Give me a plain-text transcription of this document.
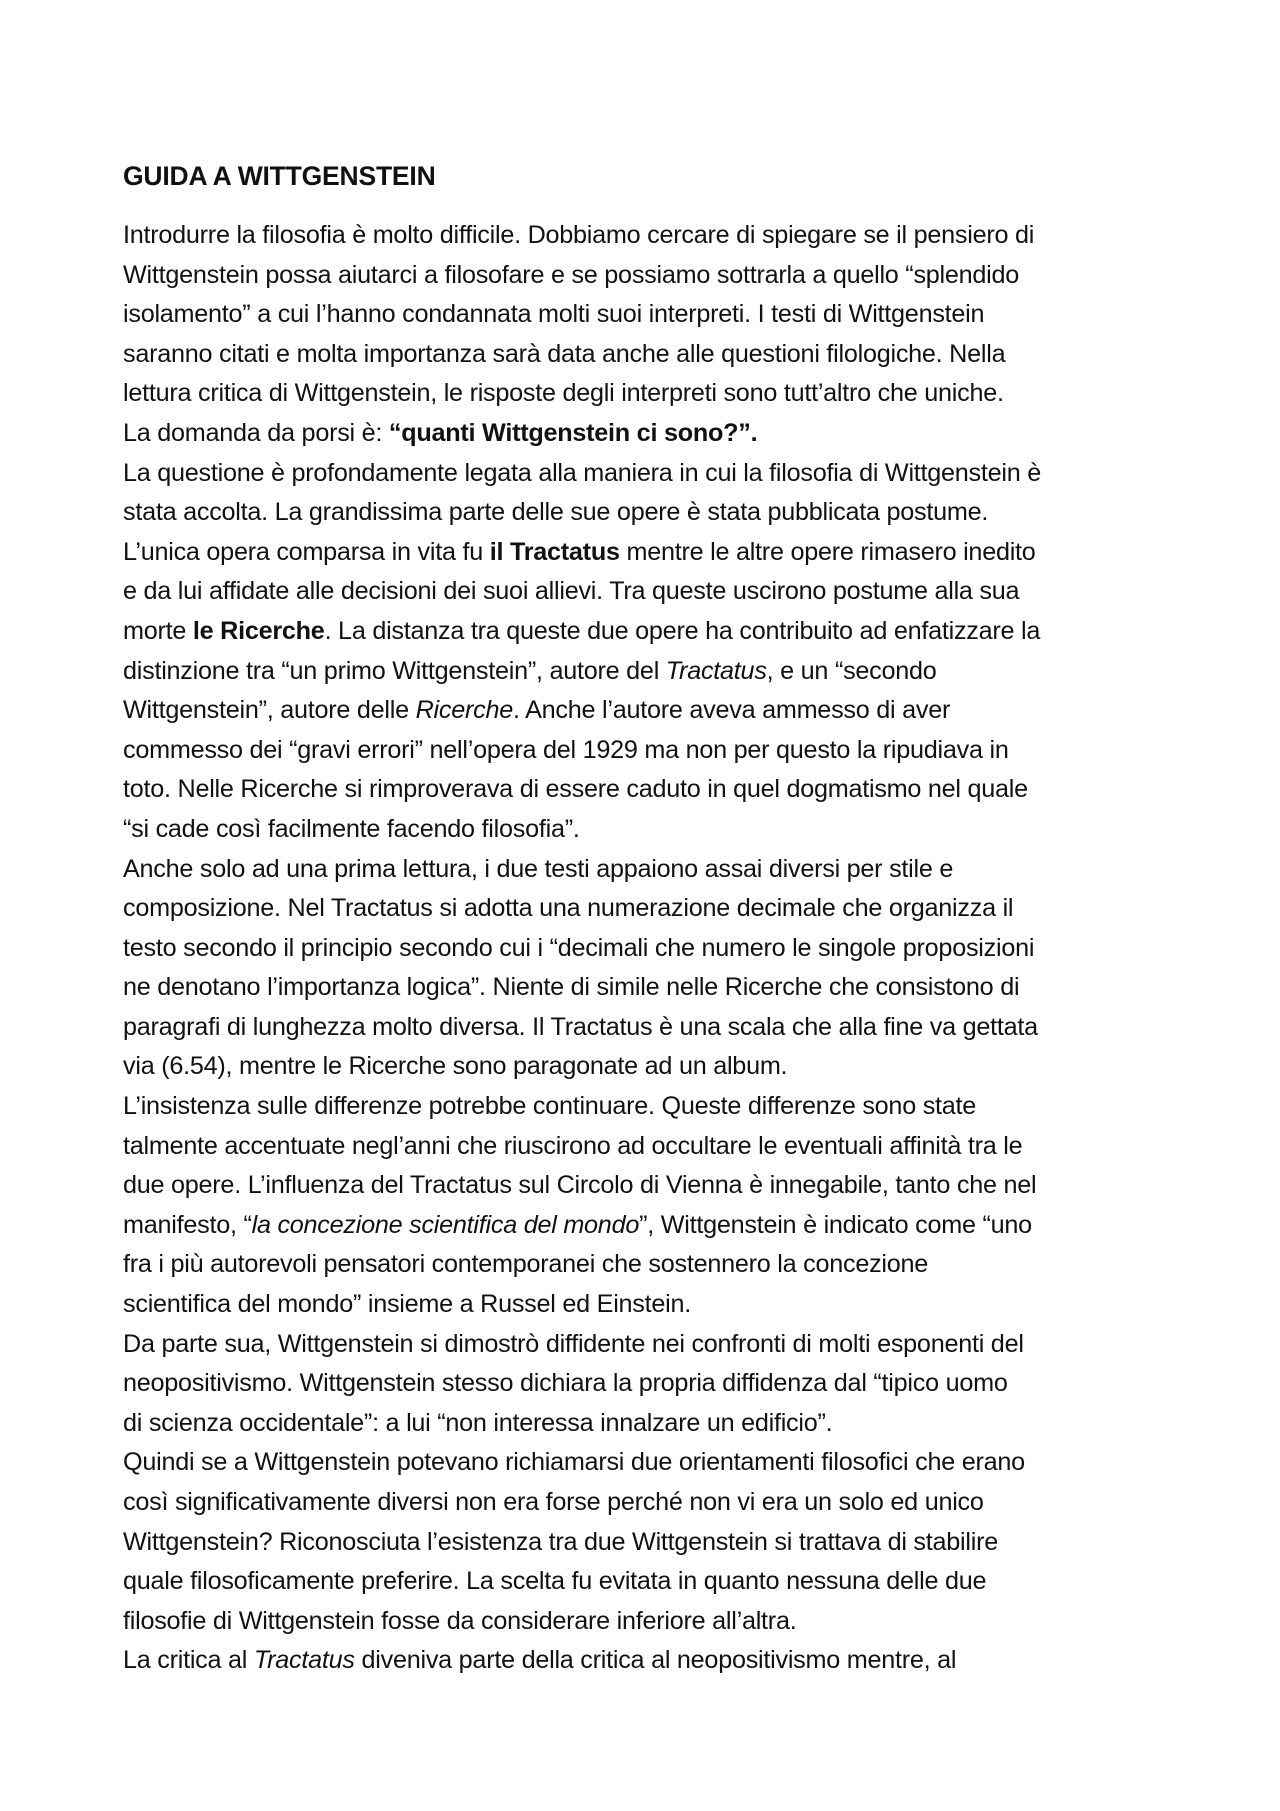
GUIDA A WITTGENSTEIN
Introdurre la filosofia è molto difficile. Dobbiamo cercare di spiegare se il pensiero di
Wittgenstein possa aiutarci a filosofare e se possiamo sottrarla a quello “splendido
isolamento” a cui l’hanno condannata molti suoi interpreti. I testi di Wittgenstein
saranno citati e molta importanza sarà data anche alle questioni filologiche. Nella
lettura critica di Wittgenstein, le risposte degli interpreti sono tutt’altro che uniche.
La domanda da porsi è: “quanti Wittgenstein ci sono?”.
La questione è profondamente legata alla maniera in cui la filosofia di Wittgenstein è
stata accolta. La grandissima parte delle sue opere è stata pubblicata postume.
L’unica opera comparsa in vita fu il Tractatus mentre le altre opere rimasero inedito
e da lui affidate alle decisioni dei suoi allievi. Tra queste uscirono postume alla sua
morte le Ricerche. La distanza tra queste due opere ha contribuito ad enfatizzare la
distinzione tra “un primo Wittgenstein”, autore del Tractatus, e un “secondo
Wittgenstein”, autore delle Ricerche. Anche l’autore aveva ammesso di aver
commesso dei “gravi errori” nell’opera del 1929 ma non per questo la ripudiava in
toto. Nelle Ricerche si rimproverava di essere caduto in quel dogmatismo nel quale
“si cade così facilmente facendo filosofia”.
Anche solo ad una prima lettura, i due testi appaiono assai diversi per stile e
composizione. Nel Tractatus si adotta una numerazione decimale che organizza il
testo secondo il principio secondo cui i “decimali che numero le singole proposizioni
ne denotano l’importanza logica”. Niente di simile nelle Ricerche che consistono di
paragrafi di lunghezza molto diversa. Il Tractatus è una scala che alla fine va gettata
via (6.54), mentre le Ricerche sono paragonate ad un album.
L’insistenza sulle differenze potrebbe continuare. Queste differenze sono state
talmente accentuate negl’anni che riuscirono ad occultare le eventuali affinità tra le
due opere. L’influenza del Tractatus sul Circolo di Vienna è innegabile, tanto che nel
manifesto, “la concezione scientifica del mondo”, Wittgenstein è indicato come “uno
fra i più autorevoli pensatori contemporanei che sostennero la concezione
scientifica del mondo” insieme a Russel ed Einstein.
Da parte sua, Wittgenstein si dimostrò diffidente nei confronti di molti esponenti del
neopositivismo. Wittgenstein stesso dichiara la propria diffidenza dal “tipico uomo
di scienza occidentale”: a lui “non interessa innalzare un edificio”.
Quindi se a Wittgenstein potevano richiamarsi due orientamenti filosofici che erano
così significativamente diversi non era forse perché non vi era un solo ed unico
Wittgenstein? Riconosciuta l’esistenza tra due Wittgenstein si trattava di stabilire
quale filosoficamente preferire. La scelta fu evitata in quanto nessuna delle due
filosofie di Wittgenstein fosse da considerare inferiore all’altra.
La critica al Tractatus diveniva parte della critica al neopositivismo mentre, al
